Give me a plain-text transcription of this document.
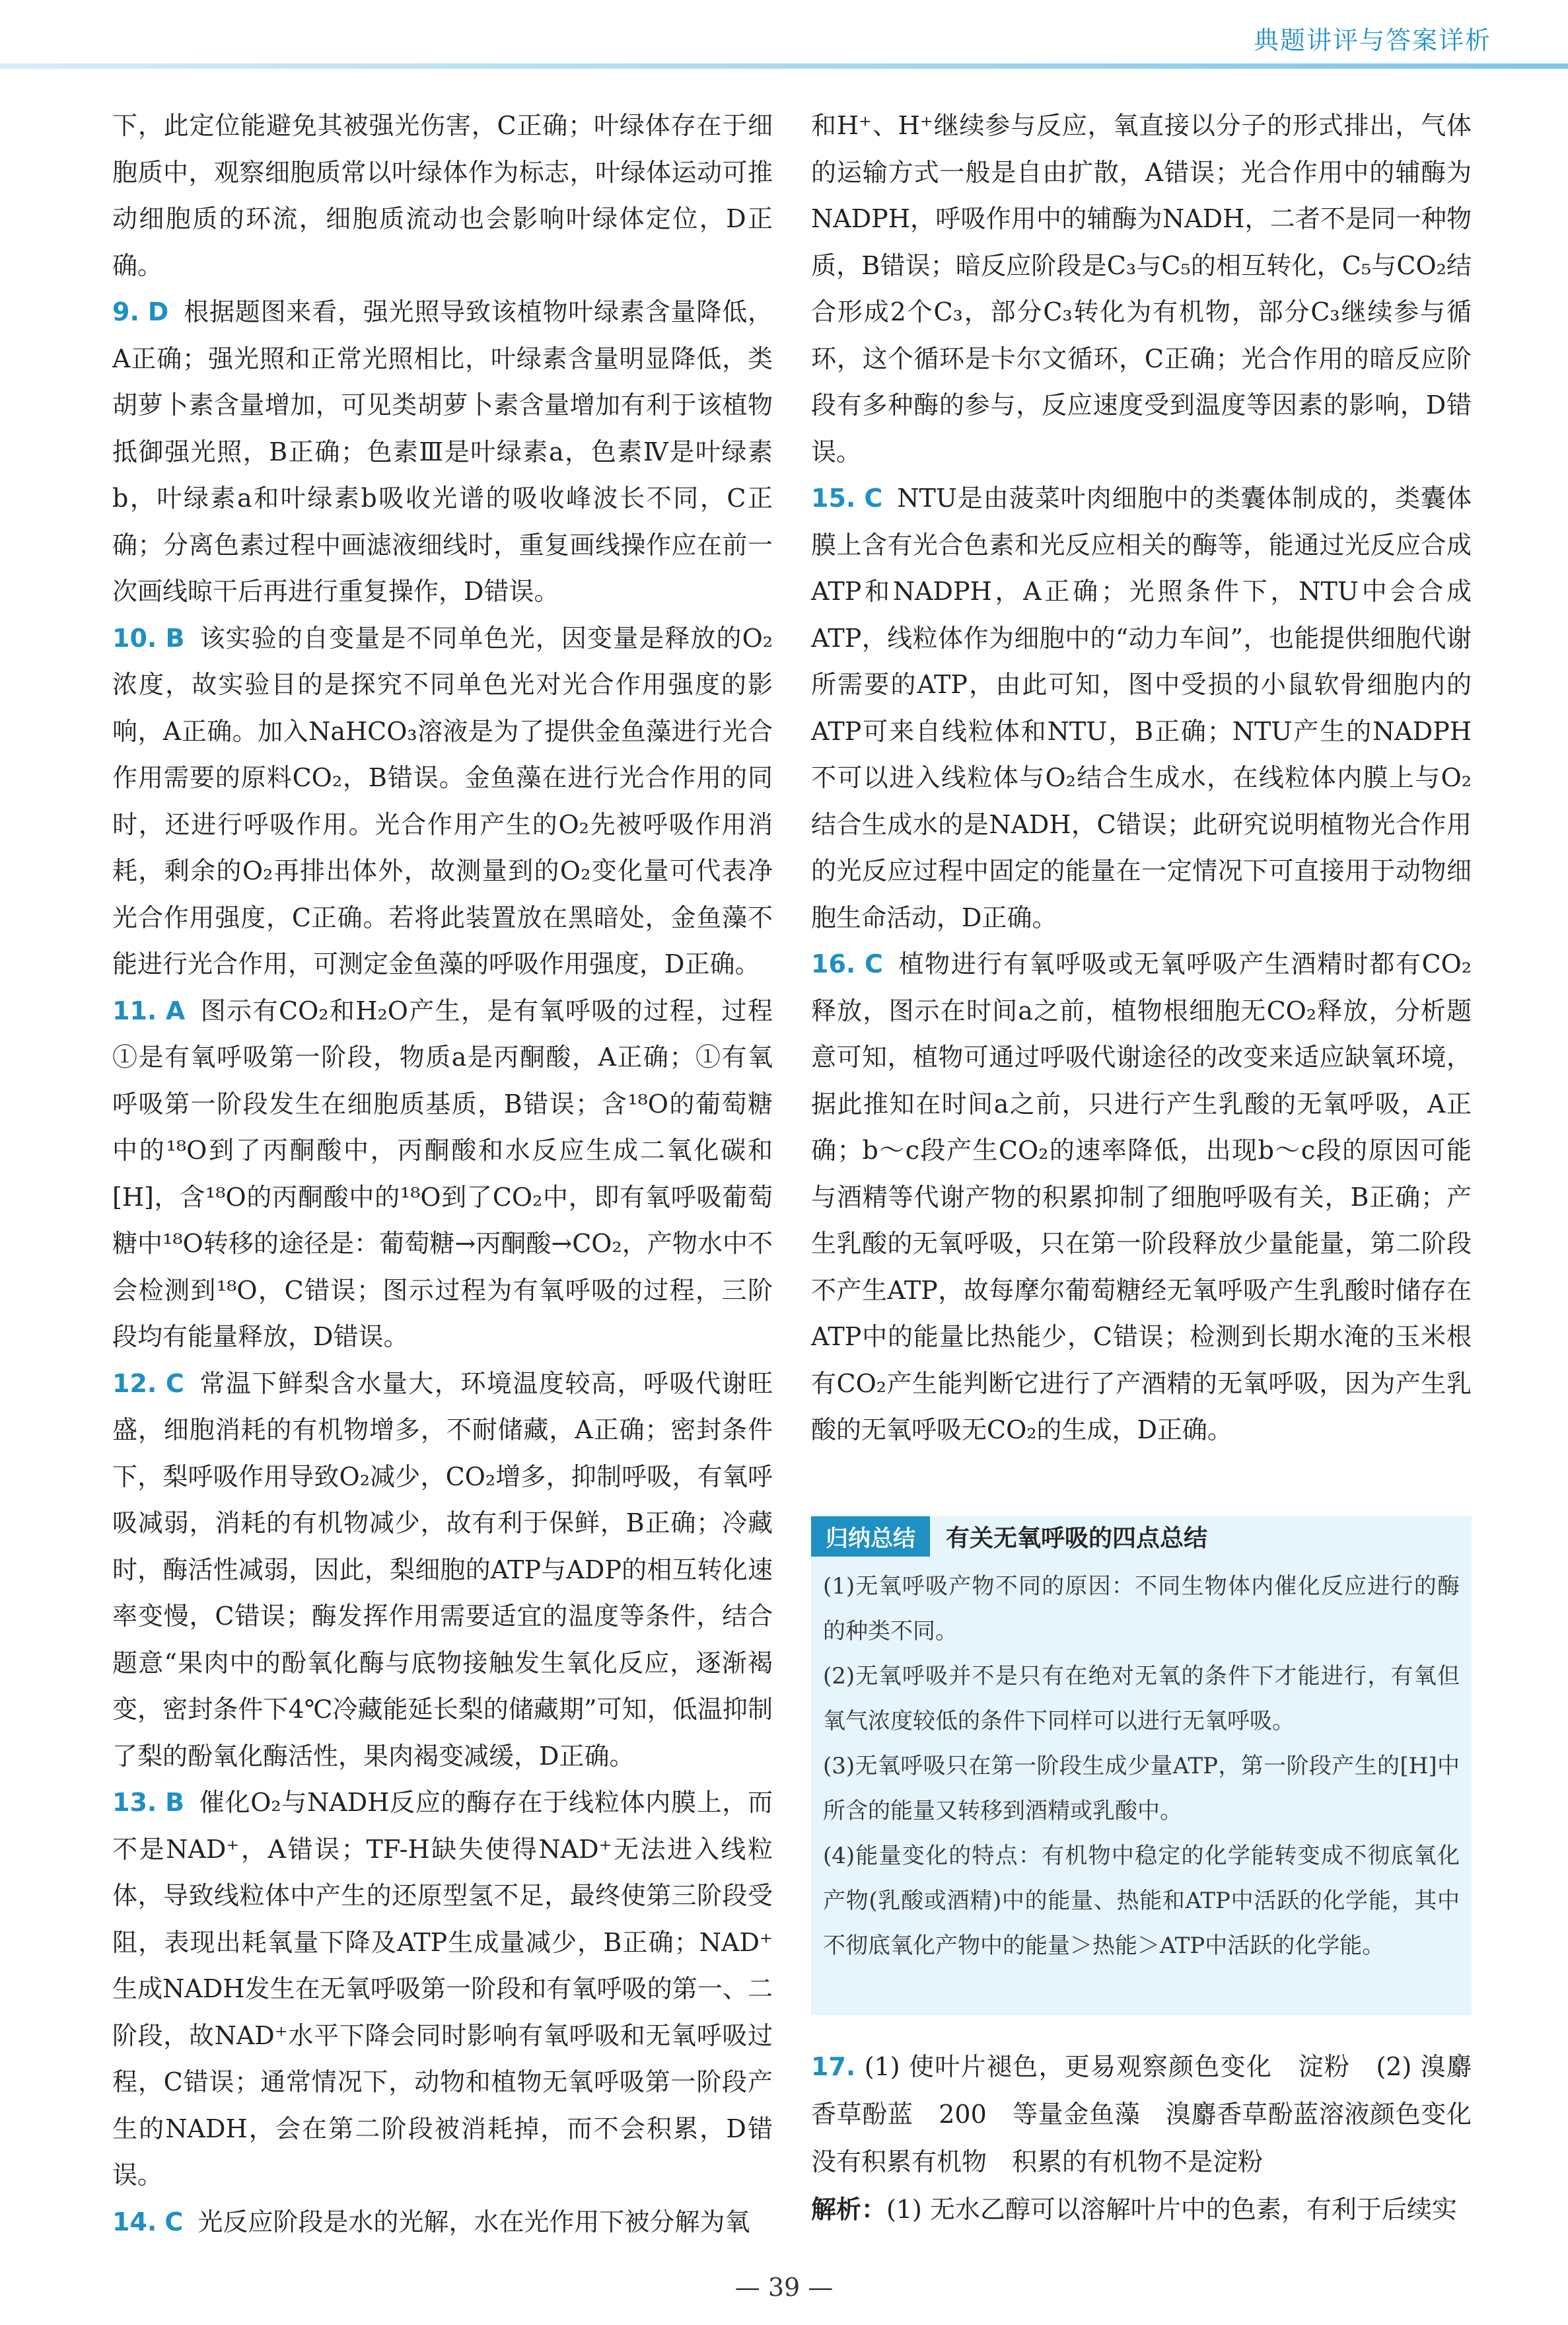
典题讲评与答案详析

下，此定位能避免其被强光伤害，C正确；叶绿体存在于细胞质中，观察细胞质常以叶绿体作为标志，叶绿体运动可推动细胞质的环流，细胞质流动也会影响叶绿体定位，D正确。

9. D 根据题图来看，强光照导致该植物叶绿素含量降低，A正确；强光照和正常光照相比，叶绿素含量明显降低，类胡萝卜素含量增加，可见类胡萝卜素含量增加有利于该植物抵御强光照，B正确；色素Ⅲ是叶绿素a，色素Ⅳ是叶绿素b，叶绿素a和叶绿素b吸收光谱的吸收峰波长不同，C正确；分离色素过程中画滤液细线时，重复画线操作应在前一次画线晾干后再进行重复操作，D错误。

10. B 该实验的自变量是不同单色光，因变量是释放的O₂浓度，故实验目的是探究不同单色光对光合作用强度的影响，A正确。加入NaHCO₃溶液是为了提供金鱼藻进行光合作用需要的原料CO₂，B错误。金鱼藻在进行光合作用的同时，还进行呼吸作用。光合作用产生的O₂先被呼吸作用消耗，剩余的O₂再排出体外，故测量到的O₂变化量可代表净光合作用强度，C正确。若将此装置放在黑暗处，金鱼藻不能进行光合作用，可测定金鱼藻的呼吸作用强度，D正确。

11. A 图示有CO₂和H₂O产生，是有氧呼吸的过程，过程①是有氧呼吸第一阶段，物质a是丙酮酸，A正确；①有氧呼吸第一阶段发生在细胞质基质，B错误；含¹⁸O的葡萄糖中的¹⁸O到了丙酮酸中，丙酮酸和水反应生成二氧化碳和[H]，含¹⁸O的丙酮酸中的¹⁸O到了CO₂中，即有氧呼吸葡萄糖中¹⁸O转移的途径是：葡萄糖→丙酮酸→CO₂，产物水中不会检测到¹⁸O，C错误；图示过程为有氧呼吸的过程，三阶段均有能量释放，D错误。

12. C 常温下鲜梨含水量大，环境温度较高，呼吸代谢旺盛，细胞消耗的有机物增多，不耐储藏，A正确；密封条件下，梨呼吸作用导致O₂减少，CO₂增多，抑制呼吸，有氧呼吸减弱，消耗的有机物减少，故有利于保鲜，B正确；冷藏时，酶活性减弱，因此，梨细胞的ATP与ADP的相互转化速率变慢，C错误；酶发挥作用需要适宜的温度等条件，结合题意“果肉中的酚氧化酶与底物接触发生氧化反应，逐渐褐变，密封条件下4℃冷藏能延长梨的储藏期”可知，低温抑制了梨的酚氧化酶活性，果肉褐变减缓，D正确。

13. B 催化O₂与NADH反应的酶存在于线粒体内膜上，而不是NAD⁺，A错误；TF-H缺失使得NAD⁺无法进入线粒体，导致线粒体中产生的还原型氢不足，最终使第三阶段受阻，表现出耗氧量下降及ATP生成量减少，B正确；NAD⁺生成NADH发生在无氧呼吸第一阶段和有氧呼吸的第一、二阶段，故NAD⁺水平下降会同时影响有氧呼吸和无氧呼吸过程，C错误；通常情况下，动物和植物无氧呼吸第一阶段产生的NADH，会在第二阶段被消耗掉，而不会积累，D错误。

14. C 光反应阶段是水的光解，水在光作用下被分解为氧

和H⁺、H⁺继续参与反应，氧直接以分子的形式排出，气体的运输方式一般是自由扩散，A错误；光合作用中的辅酶为NADPH，呼吸作用中的辅酶为NADH，二者不是同一种物质，B错误；暗反应阶段是C₃与C₅的相互转化，C₅与CO₂结合形成2个C₃，部分C₃转化为有机物，部分C₃继续参与循环，这个循环是卡尔文循环，C正确；光合作用的暗反应阶段有多种酶的参与，反应速度受到温度等因素的影响，D错误。

15. C NTU是由菠菜叶肉细胞中的类囊体制成的，类囊体膜上含有光合色素和光反应相关的酶等，能通过光反应合成ATP和NADPH，A正确；光照条件下，NTU中会合成ATP，线粒体作为细胞中的“动力车间”，也能提供细胞代谢所需要的ATP，由此可知，图中受损的小鼠软骨细胞内的ATP可来自线粒体和NTU，B正确；NTU产生的NADPH不可以进入线粒体与O₂结合生成水，在线粒体内膜上与O₂结合生成水的是NADH，C错误；此研究说明植物光合作用的光反应过程中固定的能量在一定情况下可直接用于动物细胞生命活动，D正确。

16. C 植物进行有氧呼吸或无氧呼吸产生酒精时都有CO₂释放，图示在时间a之前，植物根细胞无CO₂释放，分析题意可知，植物可通过呼吸代谢途径的改变来适应缺氧环境，据此推知在时间a之前，只进行产生乳酸的无氧呼吸，A正确；b～c段产生CO₂的速率降低，出现b～c段的原因可能与酒精等代谢产物的积累抑制了细胞呼吸有关，B正确；产生乳酸的无氧呼吸，只在第一阶段释放少量能量，第二阶段不产生ATP，故每摩尔葡萄糖经无氧呼吸产生乳酸时储存在ATP中的能量比热能少，C错误；检测到长期水淹的玉米根有CO₂产生能判断它进行了产酒精的无氧呼吸，因为产生乳酸的无氧呼吸无CO₂的生成，D正确。

归纳总结	有关无氧呼吸的四点总结

(1)无氧呼吸产物不同的原因：不同生物体内催化反应进行的酶的种类不同。

(2)无氧呼吸并不是只有在绝对无氧的条件下才能进行，有氧但氧气浓度较低的条件下同样可以进行无氧呼吸。

(3)无氧呼吸只在第一阶段生成少量ATP，第一阶段产生的[H]中所含的能量又转移到酒精或乳酸中。

(4)能量变化的特点：有机物中稳定的化学能转变成不彻底氧化产物(乳酸或酒精)中的能量、热能和ATP中活跃的化学能，其中不彻底氧化产物中的能量＞热能＞ATP中活跃的化学能。

17. (1) 使叶片褪色，更易观察颜色变化　淀粉　(2) 溴麝香草酚蓝　200　等量金鱼藻　溴麝香草酚蓝溶液颜色变化　没有积累有机物　积累的有机物不是淀粉

解析：(1) 无水乙醇可以溶解叶片中的色素，有利于后续实

— 39 —
